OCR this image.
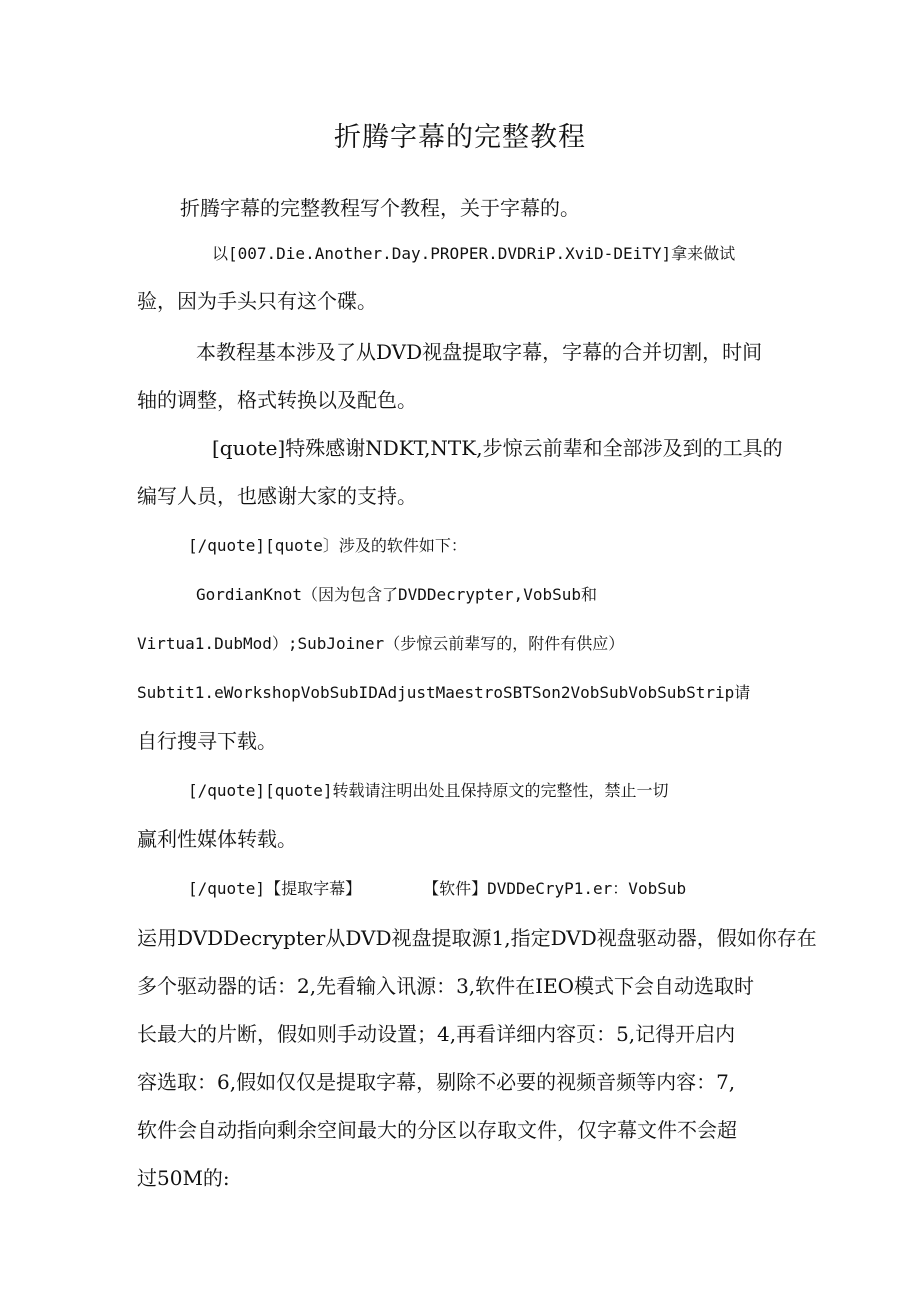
折腾字幕的完整教程
折腾字幕的完整教程写个教程，关于字幕的。
以[007.Die.Another.Day.PROPER.DVDRiP.XviD-DEiTY]拿来做试
验，因为手头只有这个碟。
本教程基本涉及了从DVD视盘提取字幕，字幕的合并切割，时间
轴的调整，格式转换以及配色。
[quote]特殊感谢NDKT,NTK,步惊云前辈和全部涉及到的工具的
编写人员，也感谢大家的支持。
[/quote][quote〕涉及的软件如下：
GordianKnot（因为包含了DVDDecrypter,VobSub和
Virtua1.DubMod）;SubJoiner（步惊云前辈写的，附件有供应）
Subtit1.eWorkshopVobSubIDAdjustMaestroSBTSon2VobSubVobSubStrip请
自行搜寻下载。
[/quote][quote]转载请注明出处且保持原文的完整性，禁止一切
赢利性媒体转载。
[/quote]【提取字幕】	【软件】DVDDeCryP1.er：VobSub
运用DVDDecrypter从DVD视盘提取源1,指定DVD视盘驱动器，假如你存在
多个驱动器的话：2,先看输入讯源：3,软件在IEO模式下会自动选取时
长最大的片断，假如则手动设置；4,再看详细内容页：5,记得开启内
容选取：6,假如仅仅是提取字幕，剔除不必要的视频音频等内容：7,
软件会自动指向剩余空间最大的分区以存取文件，仅字幕文件不会超
过50M的:
